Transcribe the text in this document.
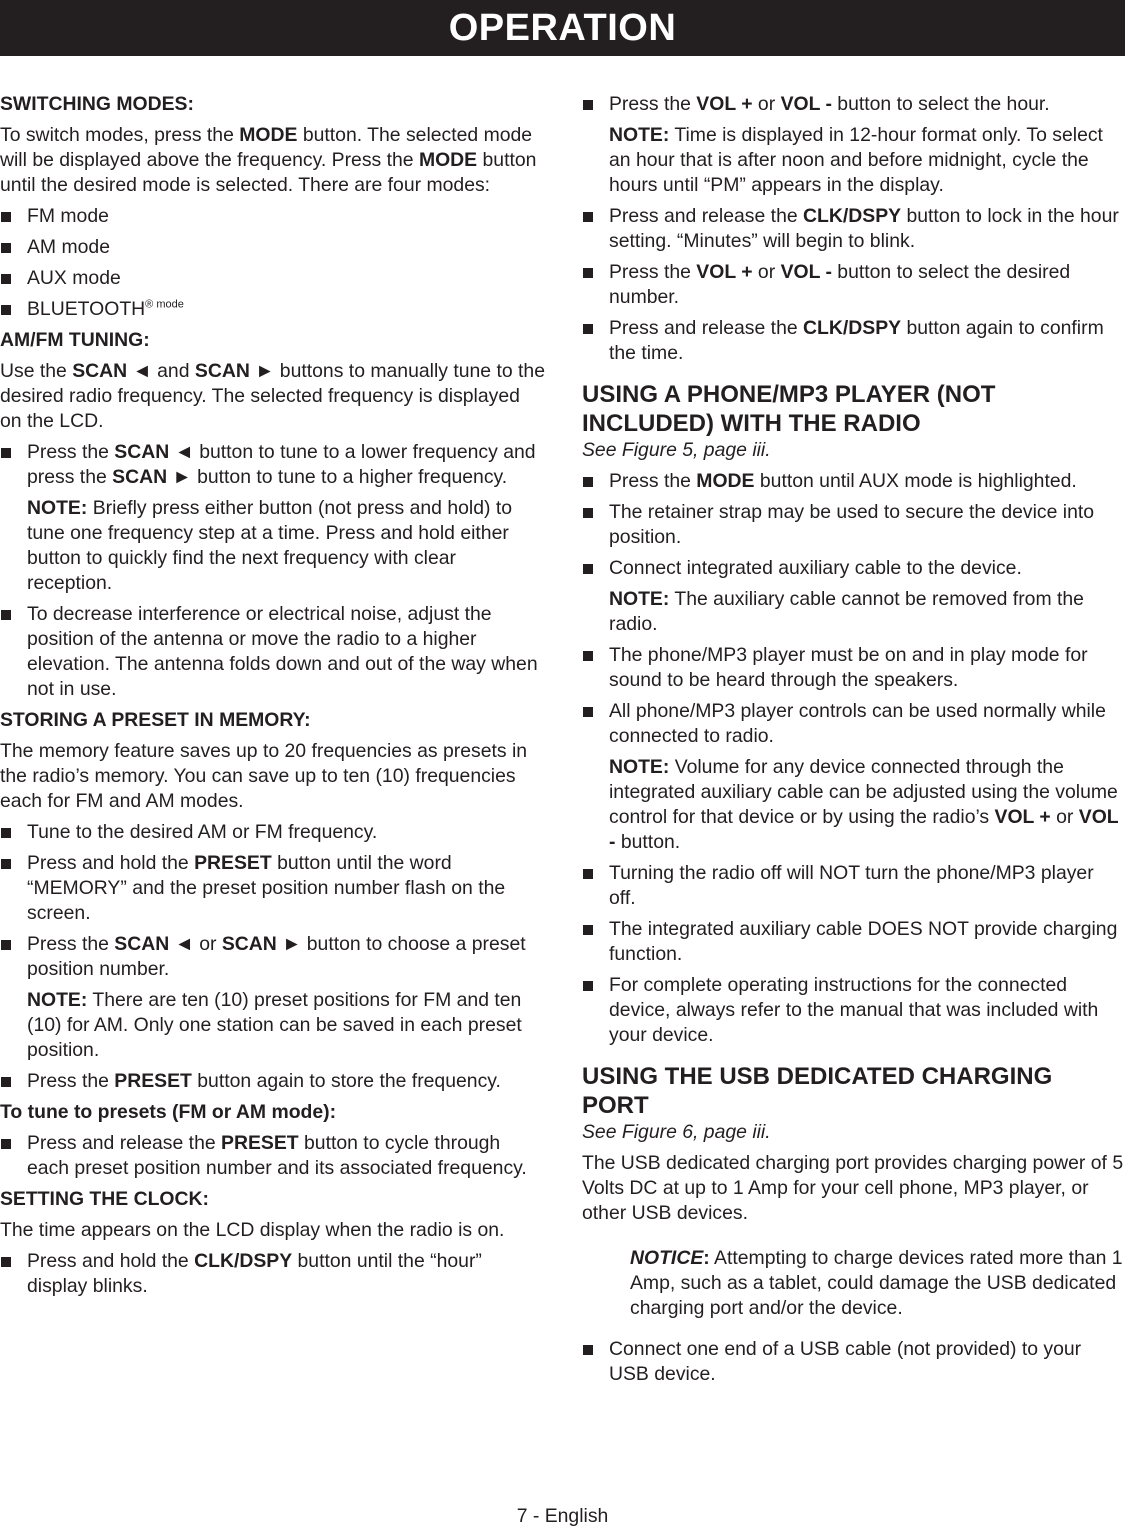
OPERATION
SWITCHING MODES:
To switch modes, press the MODE button. The selected mode will be displayed above the frequency. Press the MODE button until the desired mode is selected. There are four modes:
FM mode
AM mode
AUX mode
$BLUETOOTH^{® mode}$
AM/FM TUNING:
Use the SCAN ◄ and SCAN ► buttons to manually tune to the desired radio frequency. The selected frequency is displayed on the LCD.
Press the SCAN ◄ button to tune to a lower frequency and press the SCAN ► button to tune to a higher frequency.
NOTE: Briefly press either button (not press and hold) to tune one frequency step at a time. Press and hold either button to quickly find the next frequency with clear reception.
To decrease interference or electrical noise, adjust the position of the antenna or move the radio to a higher elevation. The antenna folds down and out of the way when not in use.
STORING A PRESET IN MEMORY:
The memory feature saves up to 20 frequencies as presets in the radio’s memory. You can save up to ten (10) frequencies each for FM and AM modes.
Tune to the desired AM or FM frequency.
Press and hold the PRESET button until the word “MEMORY” and the preset position number flash on the screen.
Press the SCAN ◄ or SCAN ► button to choose a preset position number.
NOTE: There are ten (10) preset positions for FM and ten (10) for AM. Only one station can be saved in each preset position.
Press the PRESET button again to store the frequency.
To tune to presets (FM or AM mode):
Press and release the PRESET button to cycle through each preset position number and its associated frequency.
SETTING THE CLOCK:
The time appears on the LCD display when the radio is on.
Press and hold the CLK/DSPY button until the “hour” display blinks.
Press the VOL + or VOL - button to select the hour.
NOTE: Time is displayed in 12-hour format only. To select an hour that is after noon and before midnight, cycle the hours until “PM” appears in the display.
Press and release the CLK/DSPY button to lock in the hour setting. “Minutes” will begin to blink.
Press the VOL + or VOL - button to select the desired number.
Press and release the CLK/DSPY button again to confirm the time.
USING A PHONE/MP3 PLAYER (NOT INCLUDED) WITH THE RADIO
See Figure 5, page iii.
Press the MODE button until AUX mode is highlighted.
The retainer strap may be used to secure the device into position.
Connect integrated auxiliary cable to the device.
NOTE: The auxiliary cable cannot be removed from the radio.
The phone/MP3 player must be on and in play mode for sound to be heard through the speakers.
All phone/MP3 player controls can be used normally while connected to radio.
NOTE: Volume for any device connected through the integrated auxiliary cable can be adjusted using the volume control for that device or by using the radio’s VOL + or VOL - button.
Turning the radio off will NOT turn the phone/MP3 player off.
The integrated auxiliary cable DOES NOT provide charging function.
For complete operating instructions for the connected device, always refer to the manual that was included with your device.
USING THE USB DEDICATED CHARGING PORT
See Figure 6, page iii.
The USB dedicated charging port provides charging power of 5 Volts DC at up to 1 Amp for your cell phone, MP3 player, or other USB devices.
NOTICE: Attempting to charge devices rated more than 1 Amp, such as a tablet, could damage the USB dedicated charging port and/or the device.
Connect one end of a USB cable (not provided) to your USB device.
7 - English
